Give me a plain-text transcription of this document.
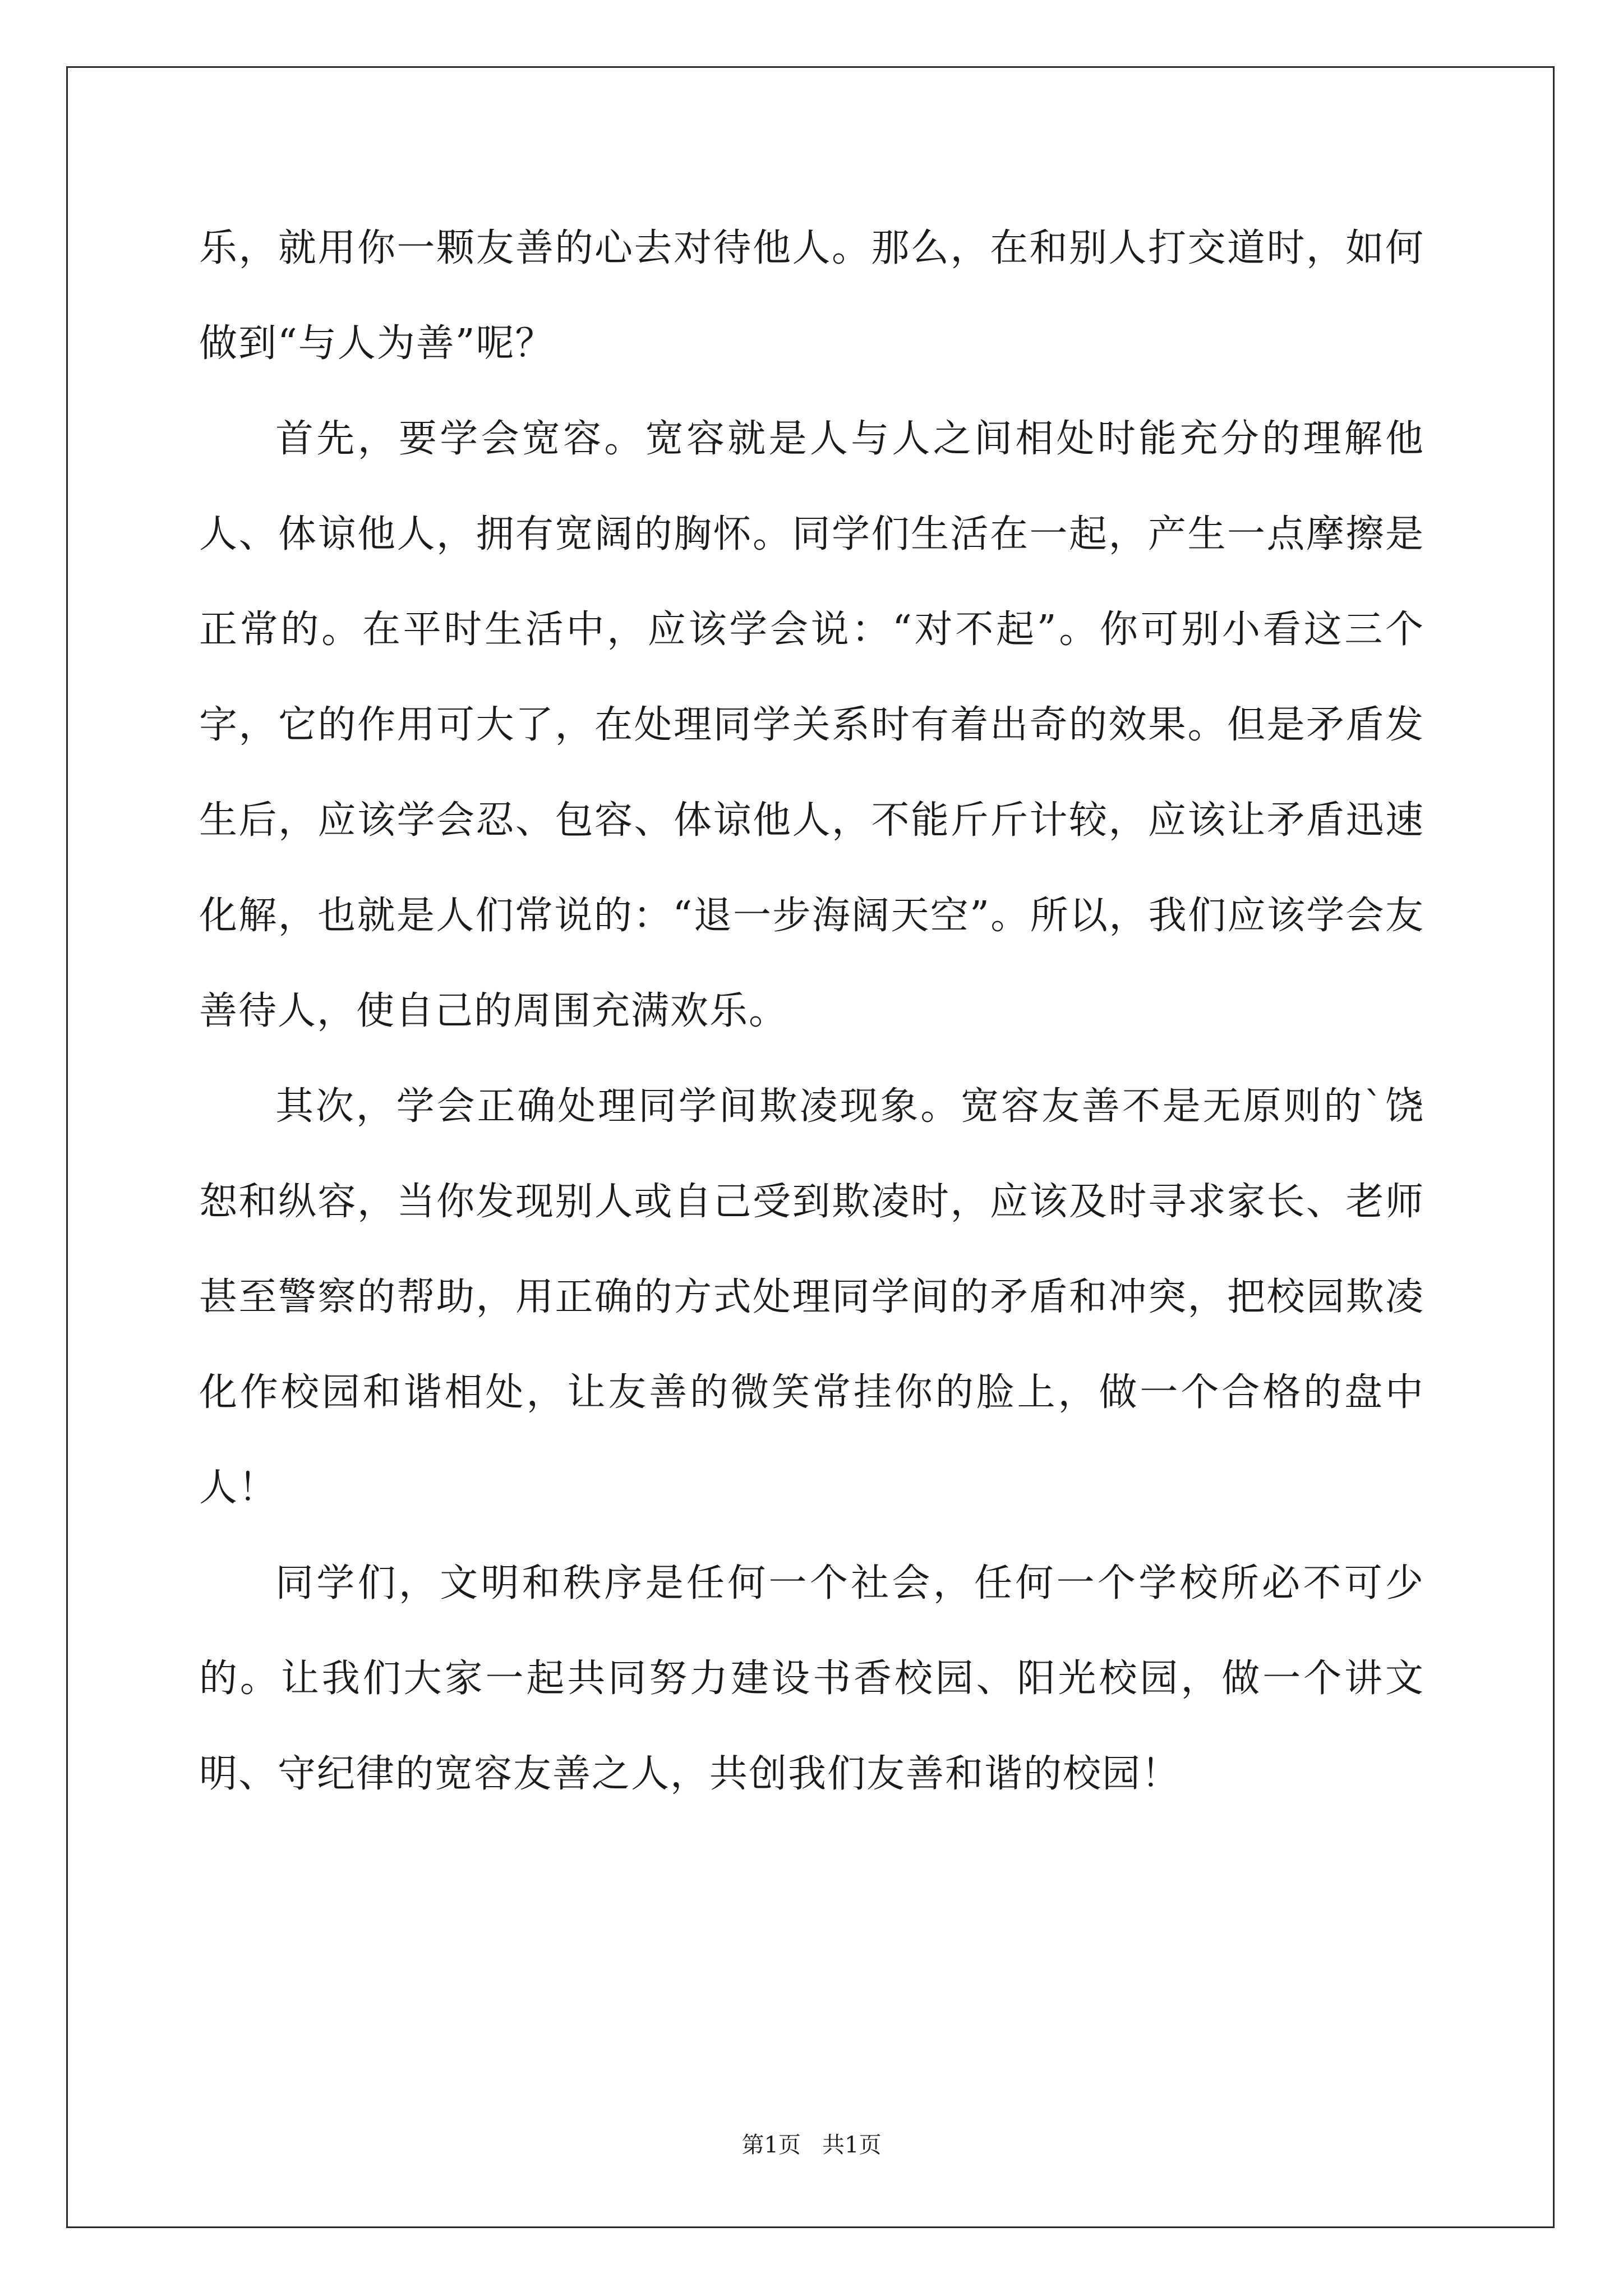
乐，就用你一颗友善的心去对待他人。那么，在和别人打交道时，如何做到“与人为善”呢？

首先，要学会宽容。宽容就是人与人之间相处时能充分的理解他人、体谅他人，拥有宽阔的胸怀。同学们生活在一起，产生一点摩擦是正常的。在平时生活中，应该学会说：“对不起”。你可别小看这三个字，它的作用可大了，在处理同学关系时有着出奇的效果。但是矛盾发生后，应该学会忍、包容、体谅他人，不能斤斤计较，应该让矛盾迅速化解，也就是人们常说的：“退一步海阔天空”。所以，我们应该学会友善待人，使自己的周围充满欢乐。

其次，学会正确处理同学间欺凌现象。宽容友善不是无原则的`饶恕和纵容，当你发现别人或自己受到欺凌时，应该及时寻求家长、老师甚至警察的帮助，用正确的方式处理同学间的矛盾和冲突，把校园欺凌化作校园和谐相处，让友善的微笑常挂你的脸上，做一个合格的盘中人！

同学们，文明和秩序是任何一个社会，任何一个学校所必不可少的。让我们大家一起共同努力建设书香校园、阳光校园，做一个讲文明、守纪律的宽容友善之人，共创我们友善和谐的校园！

第1页   共1页
